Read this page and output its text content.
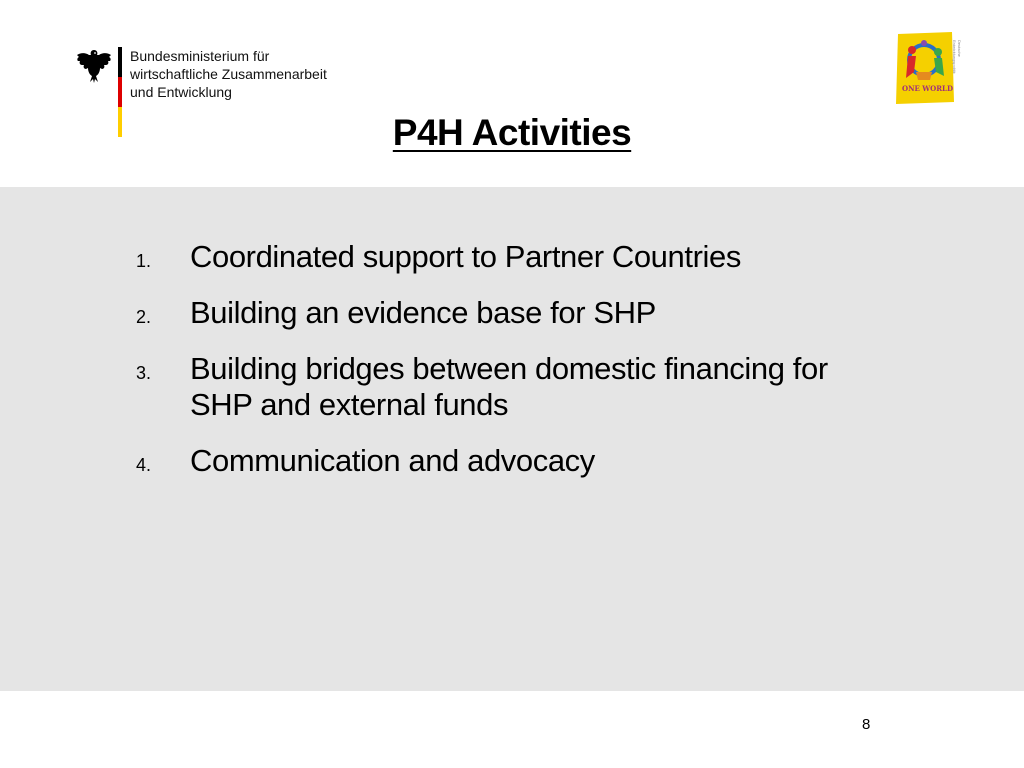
Bundesministerium für
wirtschaftliche Zusammenarbeit
und Entwicklung	ONE WORLD
Deutsche Entwicklungspolitik
P4H Activities
1.	Coordinated support to Partner Countries
2.	Building an evidence base for SHP
3.	Building bridges between domestic financing for SHP and external funds
4.	Communication and advocacy
8
